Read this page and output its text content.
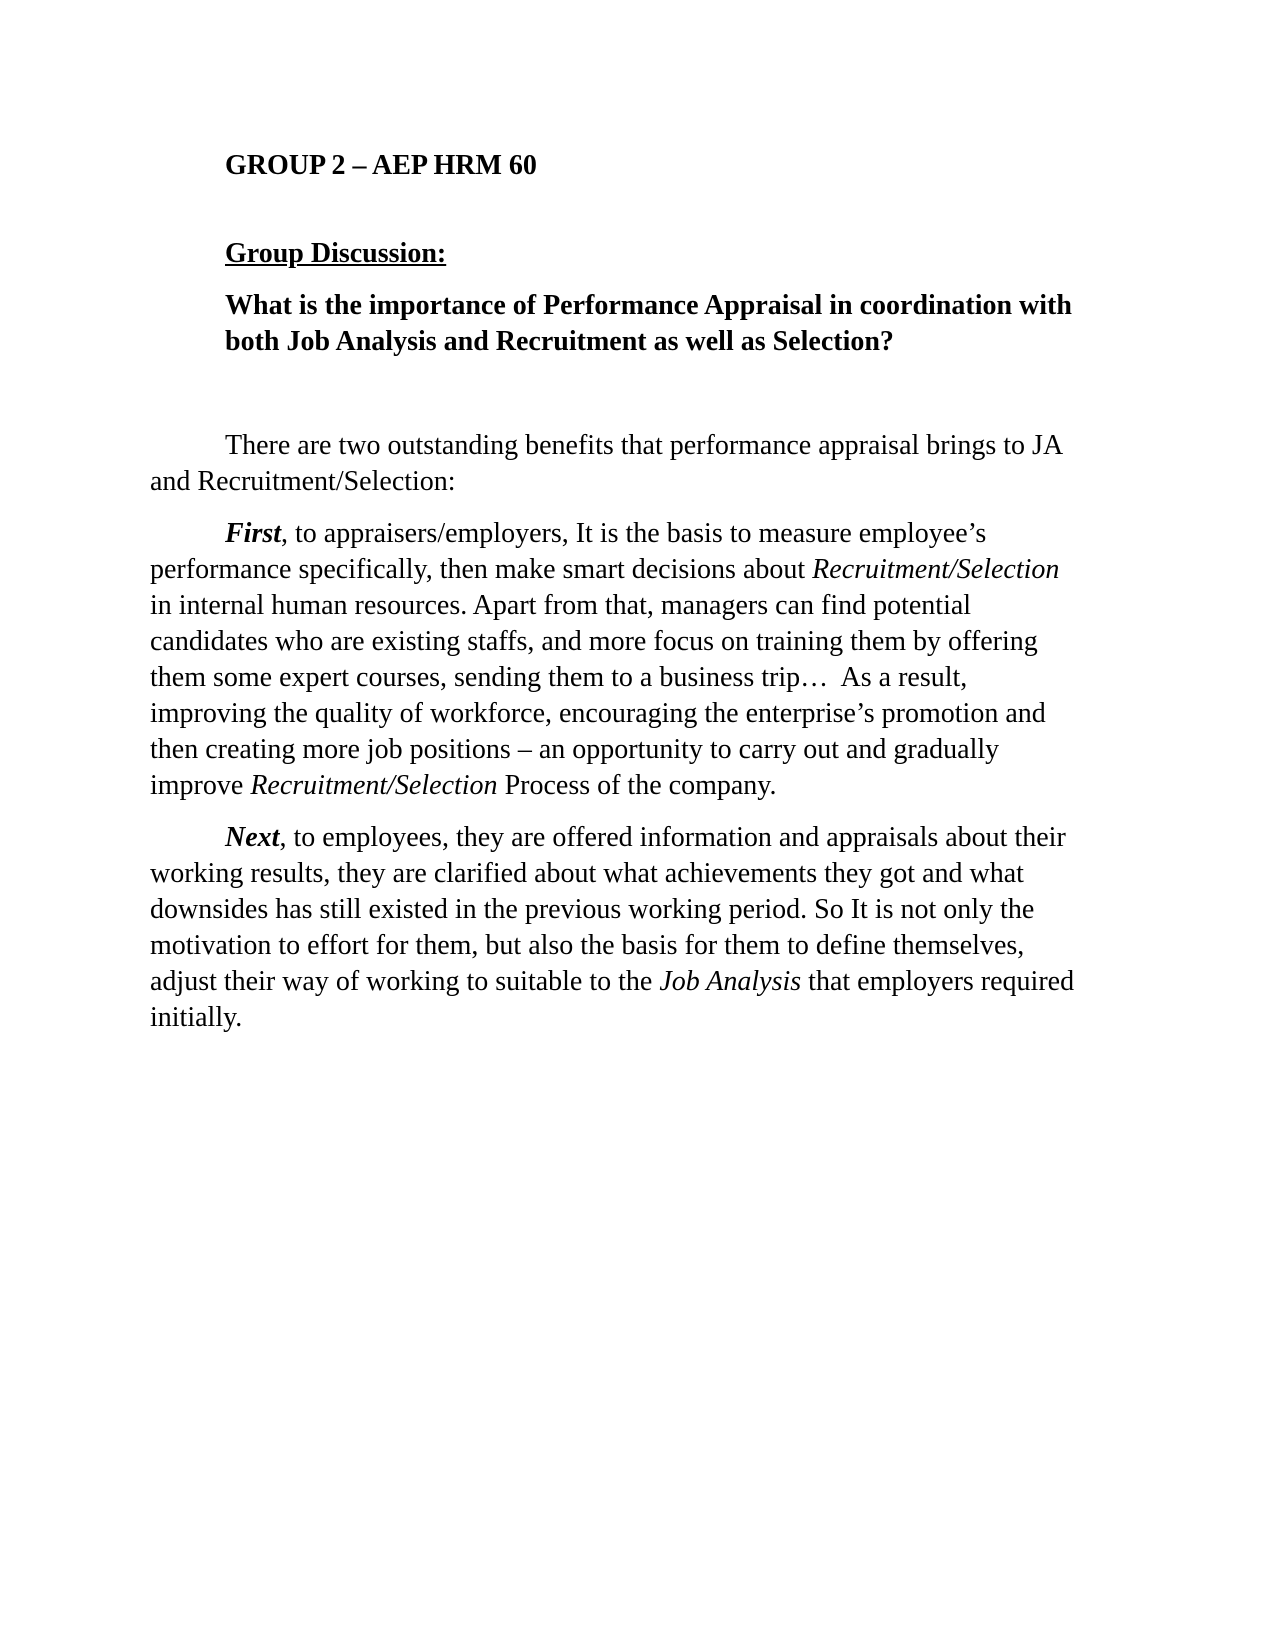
GROUP 2 – AEP HRM 60
Group Discussion:

What is the importance of Performance Appraisal in coordination with
both Job Analysis and Recruitment as well as Selection?

There are two outstanding benefits that performance appraisal brings to JA
and Recruitment/Selection:

First, to appraisers/employers, It is the basis to measure employee’s
performance specifically, then make smart decisions about Recruitment/Selection
in internal human resources. Apart from that, managers can find potential
candidates who are existing staffs, and more focus on training them by offering
them some expert courses, sending them to a business trip…  As a result,
improving the quality of workforce, encouraging the enterprise’s promotion and
then creating more job positions – an opportunity to carry out and gradually
improve Recruitment/Selection Process of the company.

Next, to employees, they are offered information and appraisals about their
working results, they are clarified about what achievements they got and what
downsides has still existed in the previous working period. So It is not only the
motivation to effort for them, but also the basis for them to define themselves,
adjust their way of working to suitable to the Job Analysis that employers required
initially.
